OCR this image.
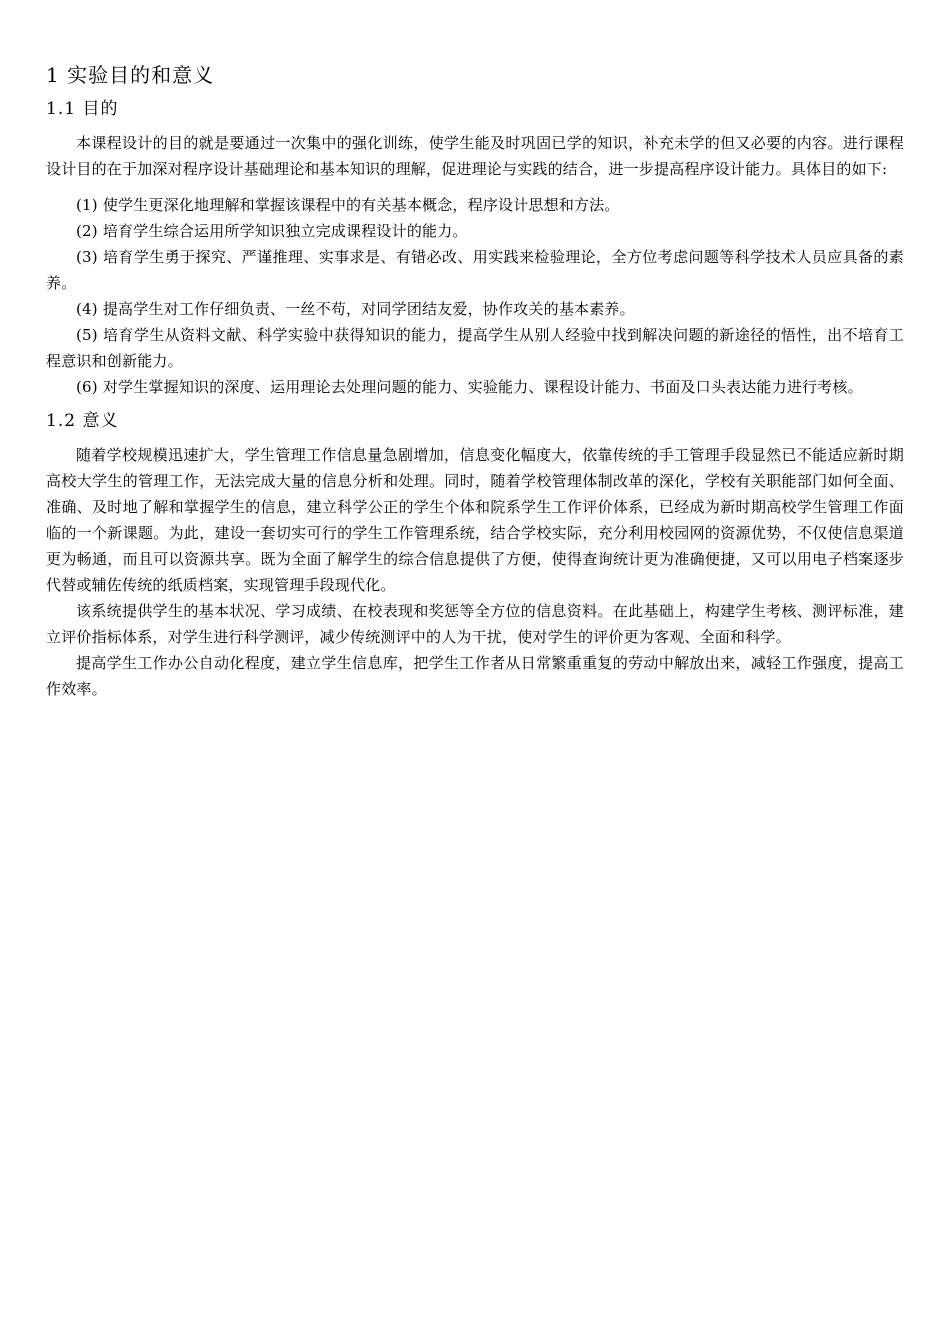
1 实验目的和意义
1.1 目的

本课程设计的目的就是要通过一次集中的强化训练，使学生能及时巩固已学的知识，补充未学的但又必要的内容。进行课程设计目的在于加深对程序设计基础理论和基本知识的理解，促进理论与实践的结合，进一步提高程序设计能力。具体目的如下:

(1) 使学生更深化地理解和掌握该课程中的有关基本概念，程序设计思想和方法。

(2) 培育学生综合运用所学知识独立完成课程设计的能力。

(3) 培育学生勇于探究、严谨推理、实事求是、有错必改、用实践来检验理论，全方位考虑问题等科学技术人员应具备的素养。

(4) 提高学生对工作仔细负责、一丝不苟，对同学团结友爱，协作攻关的基本素养。

(5) 培育学生从资料文献、科学实验中获得知识的能力，提高学生从别人经验中找到解决问题的新途径的悟性，出不培育工程意识和创新能力。

(6) 对学生掌握知识的深度、运用理论去处理问题的能力、实验能力、课程设计能力、书面及口头表达能力进行考核。

1.2 意义

随着学校规模迅速扩大，学生管理工作信息量急剧增加，信息变化幅度大，依靠传统的手工管理手段显然已不能适应新时期高校大学生的管理工作，无法完成大量的信息分析和处理。同时，随着学校管理体制改革的深化，学校有关职能部门如何全面、准确、及时地了解和掌握学生的信息，建立科学公正的学生个体和院系学生工作评价体系，已经成为新时期高校学生管理工作面临的一个新课题。为此，建设一套切实可行的学生工作管理系统，结合学校实际，充分利用校园网的资源优势，不仅使信息渠道更为畅通，而且可以资源共享。既为全面了解学生的综合信息提供了方便，使得查询统计更为准确便捷，又可以用电子档案逐步代替或辅佐传统的纸质档案，实现管理手段现代化。

该系统提供学生的基本状况、学习成绩、在校表现和奖惩等全方位的信息资料。在此基础上，构建学生考核、测评标准，建立评价指标体系，对学生进行科学测评，减少传统测评中的人为干扰，使对学生的评价更为客观、全面和科学。

提高学生工作办公自动化程度，建立学生信息库，把学生工作者从日常繁重重复的劳动中解放出来，减轻工作强度，提高工作效率。
